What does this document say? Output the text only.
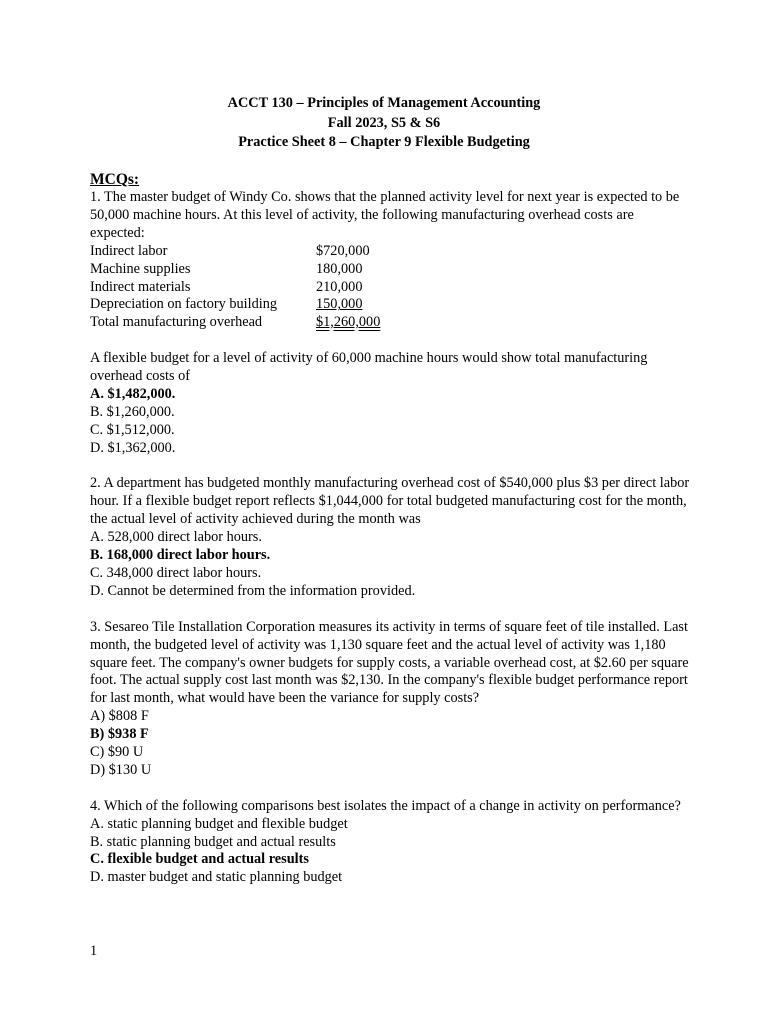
ACCT 130 – Principles of Management Accounting
Fall 2023, S5 & S6
Practice Sheet 8 – Chapter 9 Flexible Budgeting
MCQs:

1. The master budget of Windy Co. shows that the planned activity level for next year is expected to be 50,000 machine hours. At this level of activity, the following manufacturing overhead costs are expected:

Indirect labor	$720,000
Machine supplies	180,000
Indirect materials	210,000
Depreciation on factory building	150,000
Total manufacturing overhead	$1,260,000

A flexible budget for a level of activity of 60,000 machine hours would show total manufacturing overhead costs of

A. $1,482,000.

B. $1,260,000.

C. $1,512,000.

D. $1,362,000.

2. A department has budgeted monthly manufacturing overhead cost of $540,000 plus $3 per direct labor hour. If a flexible budget report reflects $1,044,000 for total budgeted manufacturing cost for the month, the actual level of activity achieved during the month was

A. 528,000 direct labor hours.

B. 168,000 direct labor hours.

C. 348,000 direct labor hours.

D. Cannot be determined from the information provided.

3. Sesareo Tile Installation Corporation measures its activity in terms of square feet of tile installed. Last month, the budgeted level of activity was 1,130 square feet and the actual level of activity was 1,180 square feet. The company's owner budgets for supply costs, a variable overhead cost, at $2.60 per square foot. The actual supply cost last month was $2,130. In the company's flexible budget performance report for last month, what would have been the variance for supply costs?

A) $808 F

B) $938 F

C) $90 U

D) $130 U

4. Which of the following comparisons best isolates the impact of a change in activity on performance?

A. static planning budget and flexible budget

B. static planning budget and actual results

C. flexible budget and actual results

D. master budget and static planning budget

1
